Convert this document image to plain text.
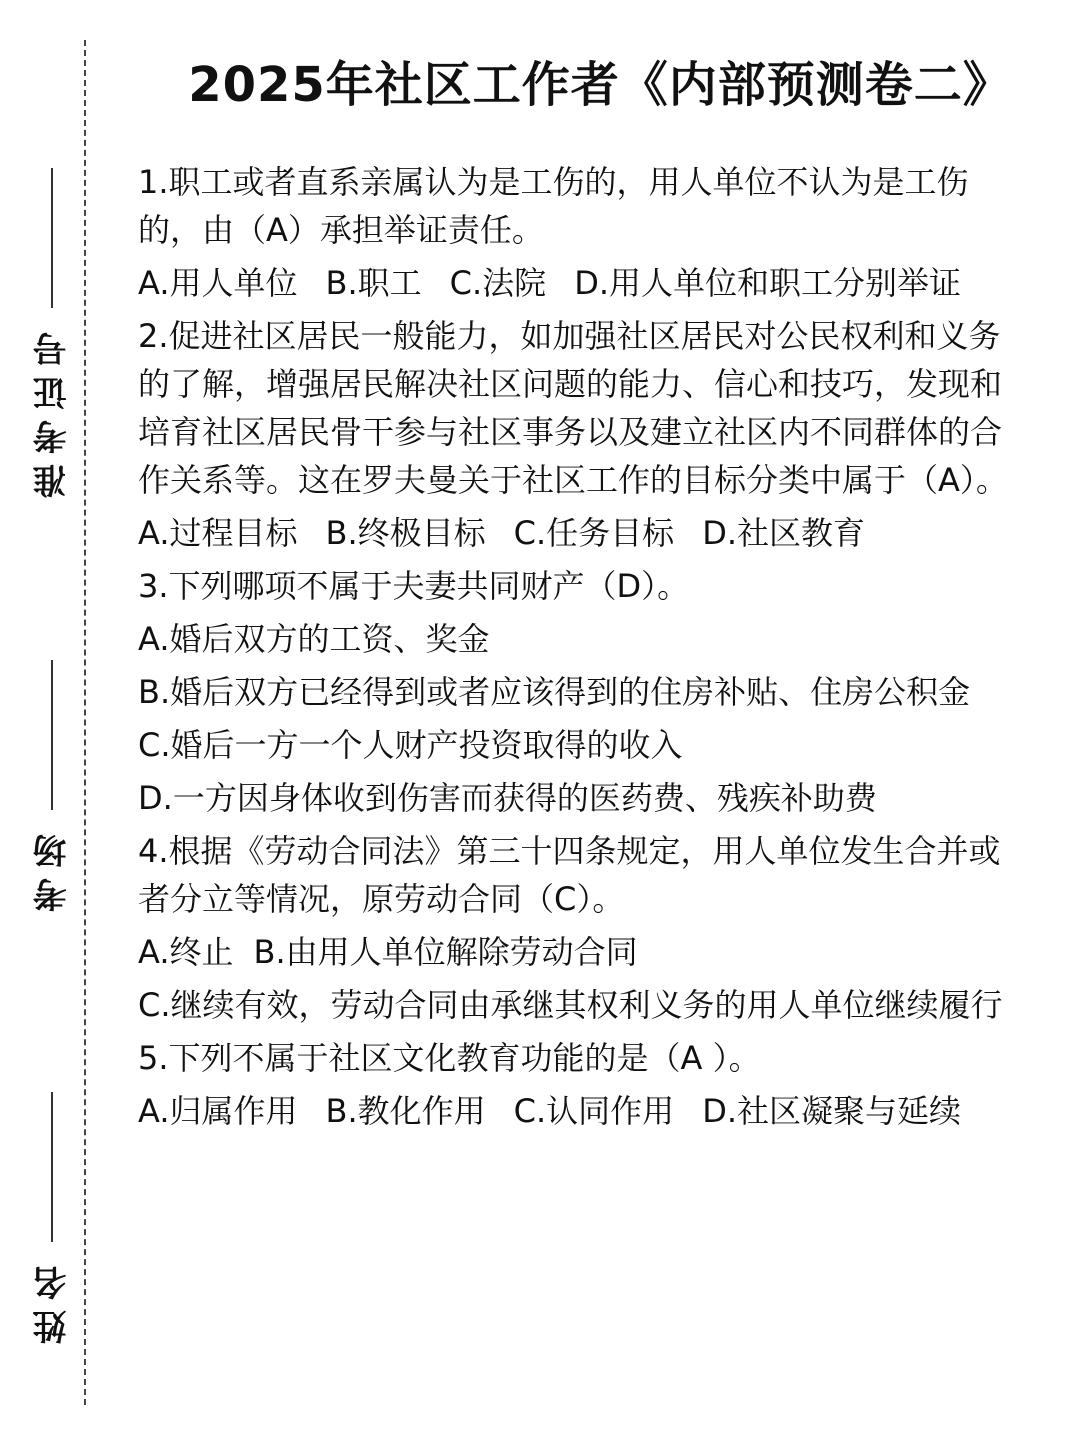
准考证号
考场
姓名
2025年社区工作者《内部预测卷二》

1.职工或者直系亲属认为是工伤的，用人单位不认为是工伤的，由（A）承担举证责任。

A.用人单位 B.职工 C.法院 D.用人单位和职工分别举证

2.促进社区居民一般能力，如加强社区居民对公民权利和义务的了解，增强居民解决社区问题的能力、信心和技巧，发现和培育社区居民骨干参与社区事务以及建立社区内不同群体的合作关系等。这在罗夫曼关于社区工作的目标分类中属于（A）。

A.过程目标 B.终极目标 C.任务目标 D.社区教育

3.下列哪项不属于夫妻共同财产（D）。

A.婚后双方的工资、奖金

B.婚后双方已经得到或者应该得到的住房补贴、住房公积金

C.婚后一方一个人财产投资取得的收入

D.一方因身体收到伤害而获得的医药费、残疾补助费

4.根据《劳动合同法》第三十四条规定，用人单位发生合并或者分立等情况，原劳动合同（C）。

A.终止 B.由用人单位解除劳动合同

C.继续有效，劳动合同由承继其权利义务的用人单位继续履行

5.下列不属于社区文化教育功能的是（A ）。

A.归属作用 B.教化作用 C.认同作用 D.社区凝聚与延续
